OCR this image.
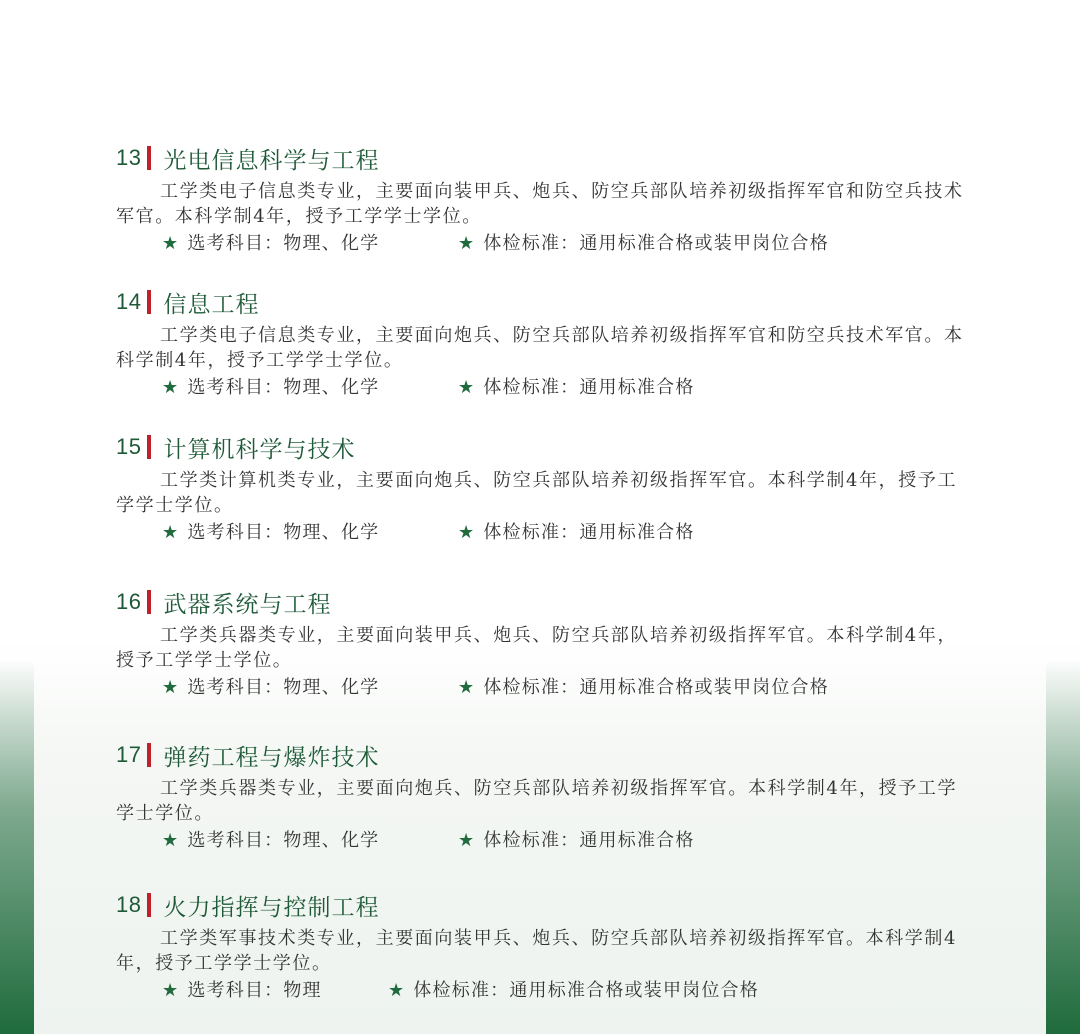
13 光电信息科学与工程
工学类电子信息类专业，主要面向装甲兵、炮兵、防空兵部队培养初级指挥军官和防空兵技术军官。本科学制4年，授予工学学士学位。
★ 选考科目：物理、化学	★ 体检标准：通用标准合格或装甲岗位合格
14 信息工程
工学类电子信息类专业，主要面向炮兵、防空兵部队培养初级指挥军官和防空兵技术军官。本科学制4年，授予工学学士学位。
★ 选考科目：物理、化学	★ 体检标准：通用标准合格
15 计算机科学与技术
工学类计算机类专业，主要面向炮兵、防空兵部队培养初级指挥军官。本科学制4年，授予工学学士学位。
★ 选考科目：物理、化学	★ 体检标准：通用标准合格
16 武器系统与工程
工学类兵器类专业，主要面向装甲兵、炮兵、防空兵部队培养初级指挥军官。本科学制4年，授予工学学士学位。
★ 选考科目：物理、化学	★ 体检标准：通用标准合格或装甲岗位合格
17 弹药工程与爆炸技术
工学类兵器类专业，主要面向炮兵、防空兵部队培养初级指挥军官。本科学制4年，授予工学学士学位。
★ 选考科目：物理、化学	★ 体检标准：通用标准合格
18 火力指挥与控制工程
工学类军事技术类专业，主要面向装甲兵、炮兵、防空兵部队培养初级指挥军官。本科学制4年，授予工学学士学位。
★ 选考科目：物理	★ 体检标准：通用标准合格或装甲岗位合格
